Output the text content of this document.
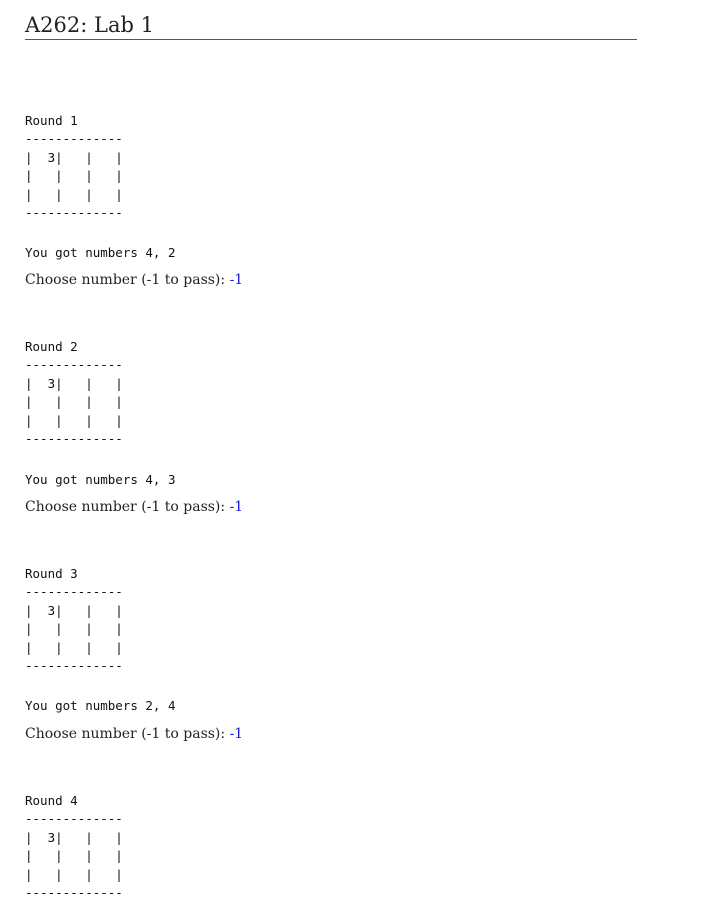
A262: Lab 1
Round 1
-------------
|  3|   |   |
|   |   |   |
|   |   |   |
-------------
You got numbers 4, 2
Choose number (-1 to pass): -1
Round 2
-------------
|  3|   |   |
|   |   |   |
|   |   |   |
-------------
You got numbers 4, 3
Choose number (-1 to pass): -1
Round 3
-------------
|  3|   |   |
|   |   |   |
|   |   |   |
-------------
You got numbers 2, 4
Choose number (-1 to pass): -1
Round 4
-------------
|  3|   |   |
|   |   |   |
|   |   |   |
-------------
